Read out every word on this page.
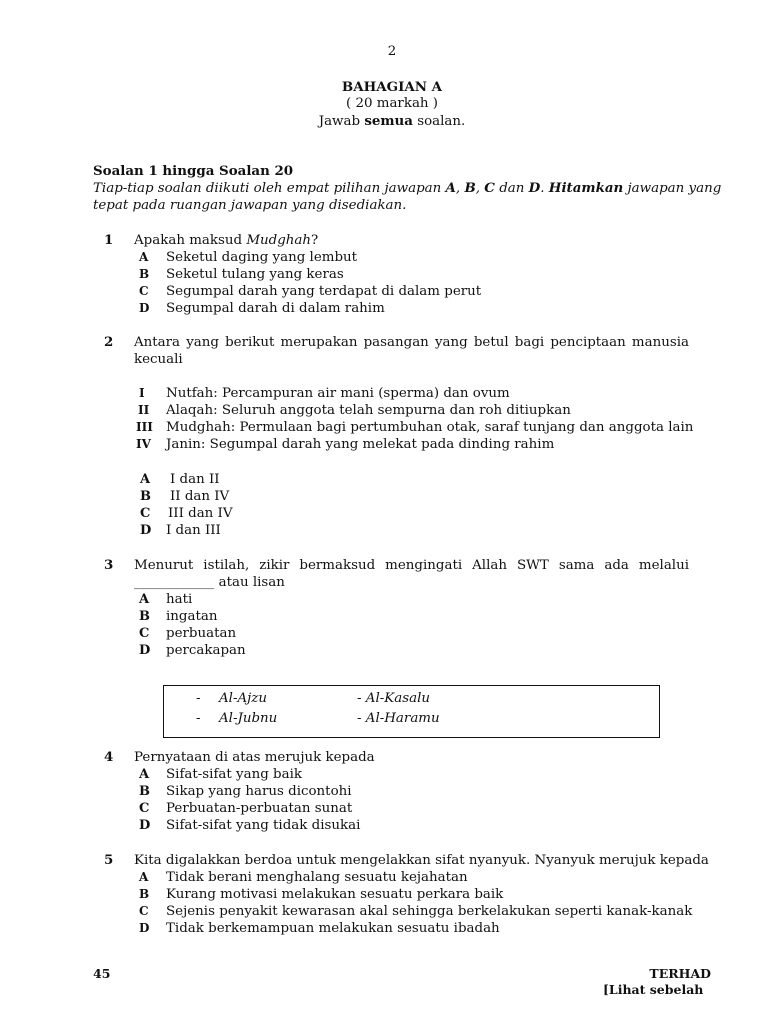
2
BAHAGIAN A
( 20 markah )
Jawab semua soalan.
Soalan 1 hingga Soalan 20
Tiap-tiap soalan diikuti oleh empat pilihan jawapan A, B, C dan D. Hitamkan jawapan yang
tepat pada ruangan jawapan yang disediakan.
1 Apakah maksud Mudghah?
A Seketul daging yang lembut
B Seketul tulang yang keras
C Segumpal darah yang terdapat di dalam perut
D Segumpal darah di dalam rahim
2 Antara yang berikut merupakan pasangan yang betul bagi penciptaan manusia
kecuali
I Nutfah: Percampuran air mani (sperma) dan ovum
II Alaqah: Seluruh anggota telah sempurna dan roh ditiupkan
III Mudghah: Permulaan bagi pertumbuhan otak, saraf tunjang dan anggota lain
IV Janin: Segumpal darah yang melekat pada dinding rahim
A I dan II
B II dan IV
C III dan IV
D I dan III
3 Menurut istilah, zikir bermaksud mengingati Allah SWT sama ada melalui
____________ atau lisan
A hati
B ingatan
C perbuatan
D percakapan
- Al-Ajzu	- Al-Kasalu
- Al-Jubnu	- Al-Haramu
4 Pernyataan di atas merujuk kepada
A Sifat-sifat yang baik
B Sikap yang harus dicontohi
C Perbuatan-perbuatan sunat
D Sifat-sifat yang tidak disukai
5 Kita digalakkan berdoa untuk mengelakkan sifat nyanyuk. Nyanyuk merujuk kepada
A Tidak berani menghalang sesuatu kejahatan
B Kurang motivasi melakukan sesuatu perkara baik
C Sejenis penyakit kewarasan akal sehingga berkelakukan seperti kanak-kanak
D Tidak berkemampuan melakukan sesuatu ibadah
45	TERHAD
[Lihat sebelah
